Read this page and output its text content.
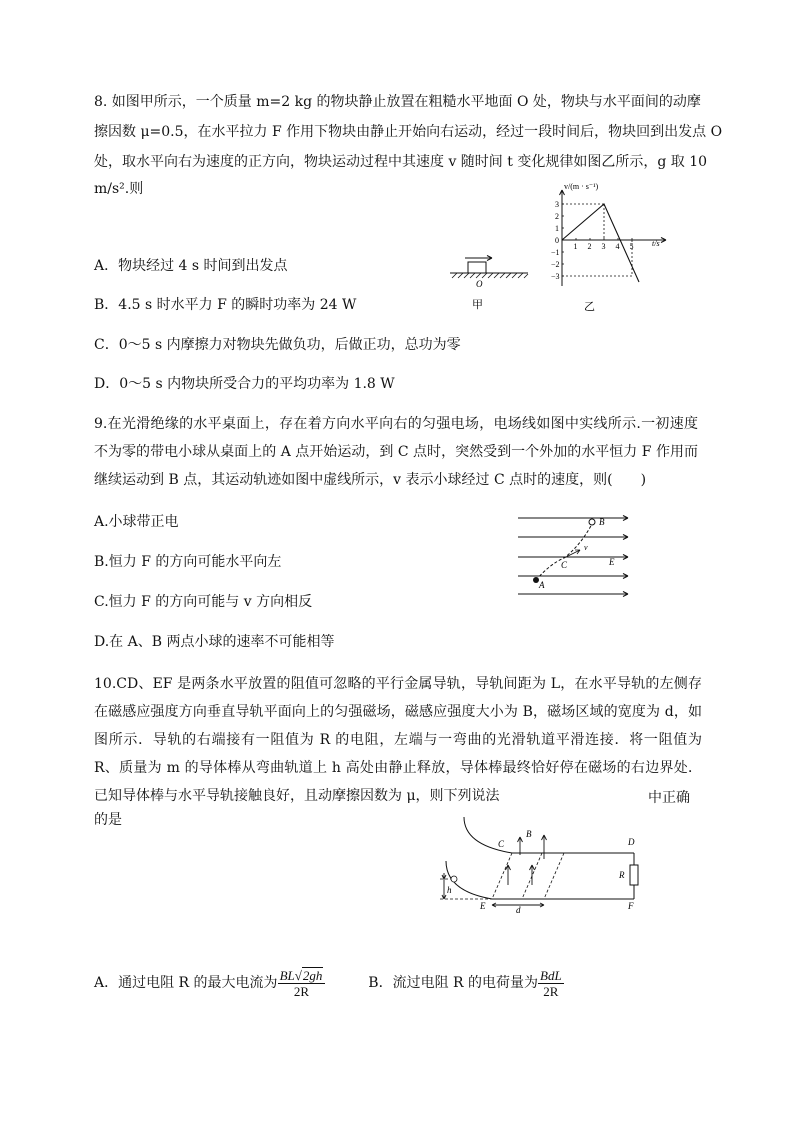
8. 如图甲所示，一个质量 m=2 kg 的物块静止放置在粗糙水平地面 O 处，物块与水平面间的动摩
擦因数 μ=0.5，在水平拉力 F 作用下物块由静止开始向右运动，经过一段时间后，物块回到出发点 O
处，取水平向右为速度的正方向，物块运动过程中其速度 v 随时间 t 变化规律如图乙所示，g 取 10
m/s².则
A．物块经过 4 s 时间到出发点
B．4.5 s 时水平力 F 的瞬时功率为 24 W
C．0～5 s 内摩擦力对物块先做负功，后做正功，总功为零
D．0～5 s 内物块所受合力的平均功率为 1.8 W
O
甲
1 2 3 4 5
3
2
1
0
−1
−2
−3
v/(m · s⁻¹)
t/s
乙
9.在光滑绝缘的水平桌面上，存在着方向水平向右的匀强电场，电场线如图中实线所示.一初速度不为零的带电小球从桌面上的 A 点开始运动，到 C 点时，突然受到一个外加的水平恒力 F 作用而继续运动到 B 点，其运动轨迹如图中虚线所示，v 表示小球经过 C 点时的速度，则(　　)
A.小球带正电
B.恒力 F 的方向可能水平向左
C.恒力 F 的方向可能与 v 方向相反
D.在 A、B 两点小球的速率不可能相等
A
B
C
v
E
10.CD、EF 是两条水平放置的阻值可忽略的平行金属导轨，导轨间距为 L，在水平导轨的左侧存在磁感应强度方向垂直导轨平面向上的匀强磁场，磁感应强度大小为 B，磁场区域的宽度为 d，如图所示．导轨的右端接有一阻值为 R 的电阻，左端与一弯曲的光滑轨道平滑连接．将一阻值为 R、质量为 m 的导体棒从弯曲轨道上 h 高处由静止释放，导体棒最终恰好停在磁场的右边界处．已知导体棒与水平导轨接触良好，且动摩擦因数为 μ，则下列说法	中正确
的是
B
C	D
R
E	F
h
d
A．通过电阻 R 的最大电流为 $\frac{BL√2gh}{2R}$	B．流过电阻 R 的电荷量为 $\frac{\text{BdL}}{2R}$
